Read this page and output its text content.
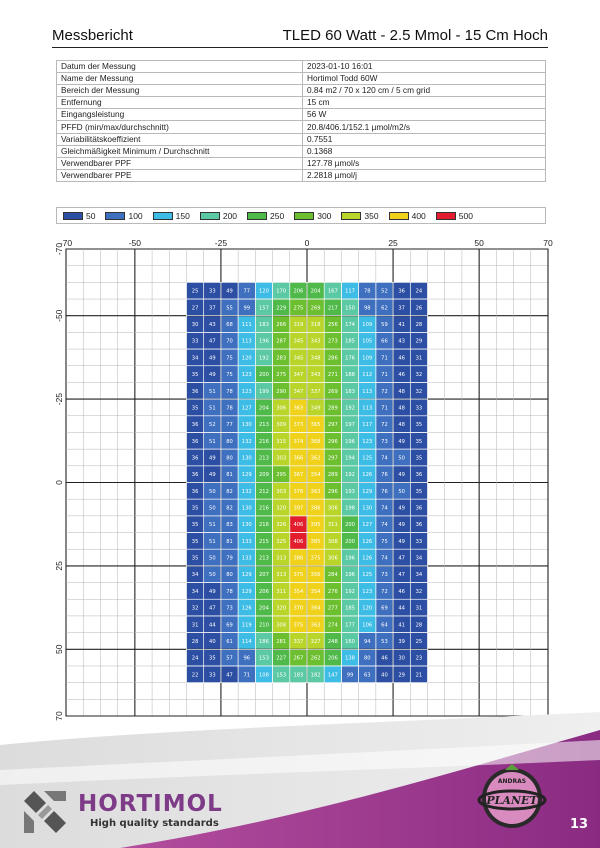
Messbericht	TLED 60 Watt - 2.5 Mmol - 15 Cm Hoch
Datum der Messung	2023-01-10 16:01
Name der Messung	Hortimol Todd 60W
Bereich der Messung	0.84 m2 / 70 x 120 cm / 5 cm grid
Entfernung	15 cm
Eingangsleistung	56 W
PFFD (min/max/durchschnitt)	20.8/406.1/152.1 µmol/m2/s
Variabilitätskoeffizient	0.7551
Gleichmäßigkeit Minimum / Durchschnitt	0.1368
Verwendbarer PPF	127.78 µmol/s
Verwendbarer PPE	2.2818 µmol/j
50	100	150	200	250	300	350	400	500
25 33 49 77 120 170 206 204 167 117 78 52 36 24
27 37 55 99 157 229 275 269 217 150 98 62 37 26
30 43 68 111 183 266 319 318 256 174 109 59 41 28
33 47 70 113 196 287 345 343 273 185 105 66 43 29
34 49 75 120 192 283 345 348 286 176 109 71 46 31
35 49 75 123 200 275 347 343 271 188 112 71 46 32
36 51 78 123 199 290 347 337 269 183 113 72 48 32
35 51 78 127 204 306 363 349 289 192 113 71 48 33
36 52 77 130 213 309 373 365 297 197 117 72 48 35
36 51 80 132 216 315 374 368 296 196 123 73 49 35
36 49 80 130 213 303 366 362 297 194 125 74 50 35
36 49 81 129 209 295 367 354 289 192 126 76 49 36
36 50 82 132 212 303 376 363 296 193 129 76 50 35
35 50 82 130 216 320 397 386 306 198 130 74 49 36
35 51 83 130 216 326 406 395 311 200 127 74 49 36
35 51 81 133 215 325 406 385 308 200 126 75 49 33
35 50 79 133 213 313 386 375 306 196 126 74 47 34
34 50 80 129 207 313 375 356 284 196 125 73 47 34
34 49 78 129 206 311 354 354 276 192 123 72 46 32
32 47 73 126 204 320 370 364 277 185 120 69 44 31
31 44 69 119 210 308 375 363 274 177 106 64 41 28
28 40 61 114 186 281 337 327 248 160 94 53 39 25
24 35 57 96 153 227 267 262 206 138 80 46 30 23
22 33 47 71 108 153 183 182 147 99 63 40 29 21
-70	-50	-25	0	25	50	70
-70
-50
-25
0
25
50
70
HORTIMOL
High quality standards
ANDRAS
PLANET
13
